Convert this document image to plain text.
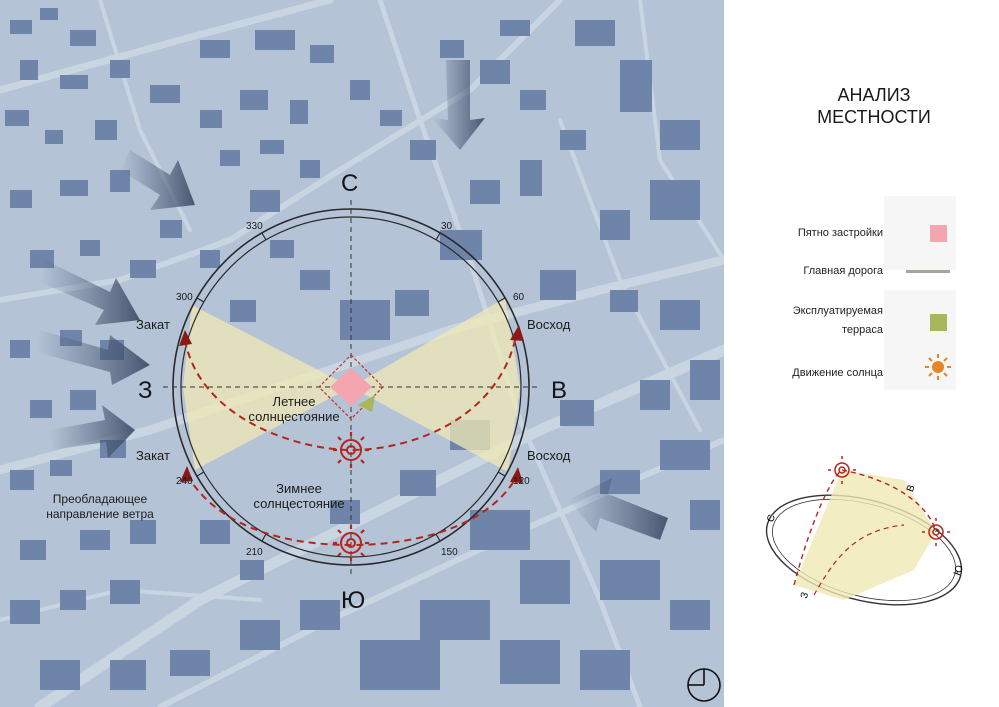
С
Ю
З	В
330	30
300	60
240	120
210	150
Закат	Восход
Закат	Восход
Летнее солнцестояние
Зимнее солнцестояние
Преобладающее направление ветра
АНАЛИЗ МЕСТНОСТИ
Пятно застройки
Главная дорога
Эксплуатируемая терраса
Движение солнца
С
В
Ю
З
